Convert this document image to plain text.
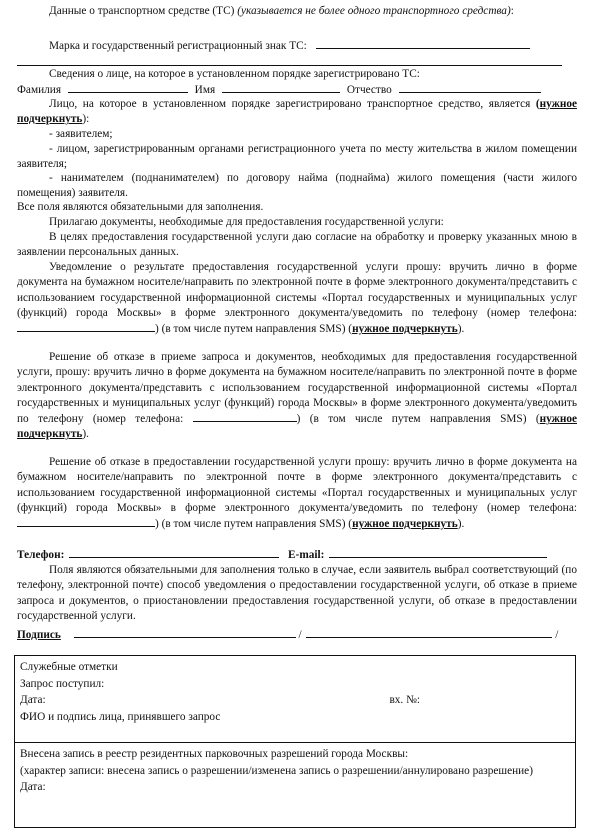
Данные о транспортном средстве (ТС) (указывается не более одного транспортного средства):
Марка и государственный регистрационный знак ТС:
Сведения о лице, на которое в установленном порядке зарегистрировано ТС:
Фамилия	Имя	Отчество
Лицо, на которое в установленном порядке зарегистрировано транспортное средство, является (нужное подчеркнуть):
- заявителем;
- лицом, зарегистрированным органами регистрационного учета по месту жительства в жилом помещении заявителя;
- нанимателем (поднанимателем) по договору найма (поднайма) жилого помещения (части жилого помещения) заявителя.
Все поля являются обязательными для заполнения.
Прилагаю документы, необходимые для предоставления государственной услуги:
В целях предоставления государственной услуги даю согласие на обработку и проверку указанных мною в заявлении персональных данных.
Уведомление о результате предоставления государственной услуги прошу: вручить лично в форме документа на бумажном носителе/направить по электронной почте в форме электронного документа/представить с использованием государственной информационной системы «Портал государственных и муниципальных услуг (функций) города Москвы» в форме электронного документа/уведомить по телефону (номер телефона: ) (в том числе путем направления SMS) (нужное подчеркнуть).
Решение об отказе в приеме запроса и документов, необходимых для предоставления государственной услуги, прошу: вручить лично в форме документа на бумажном носителе/направить по электронной почте в форме электронного документа/представить с использованием государственной информационной системы «Портал государственных и муниципальных услуг (функций) города Москвы» в форме электронного документа/уведомить по телефону (номер телефона:	) (в том числе путем направления SMS) (нужное подчеркнуть).
Решение об отказе в предоставлении государственной услуги прошу: вручить лично в форме документа на бумажном носителе/направить по электронной почте в форме электронного документа/представить с использованием государственной информационной системы «Портал государственных и муниципальных услуг (функций) города Москвы» в форме электронного документа/уведомить по телефону (номер телефона: ) (в том числе путем направления SMS) (нужное подчеркнуть).
Телефон:	E-mail:
Поля являются обязательными для заполнения только в случае, если заявитель выбрал соответствующий (по телефону, электронной почте) способ уведомления о предоставлении государственной услуги, об отказе в приеме запроса и документов, о приостановлении предоставления государственной услуги, об отказе в предоставлении государственной услуги.
Подпись	/	/

Служебные отметки

Запрос поступил:

Дата:	вх. №:

ФИО и подпись лица, принявшего запрос

Внесена запись в реестр резидентных парковочных разрешений города Москвы:

(характер записи: внесена запись о разрешении/изменена запись о разрешении/аннулировано разрешение)

Дата:
